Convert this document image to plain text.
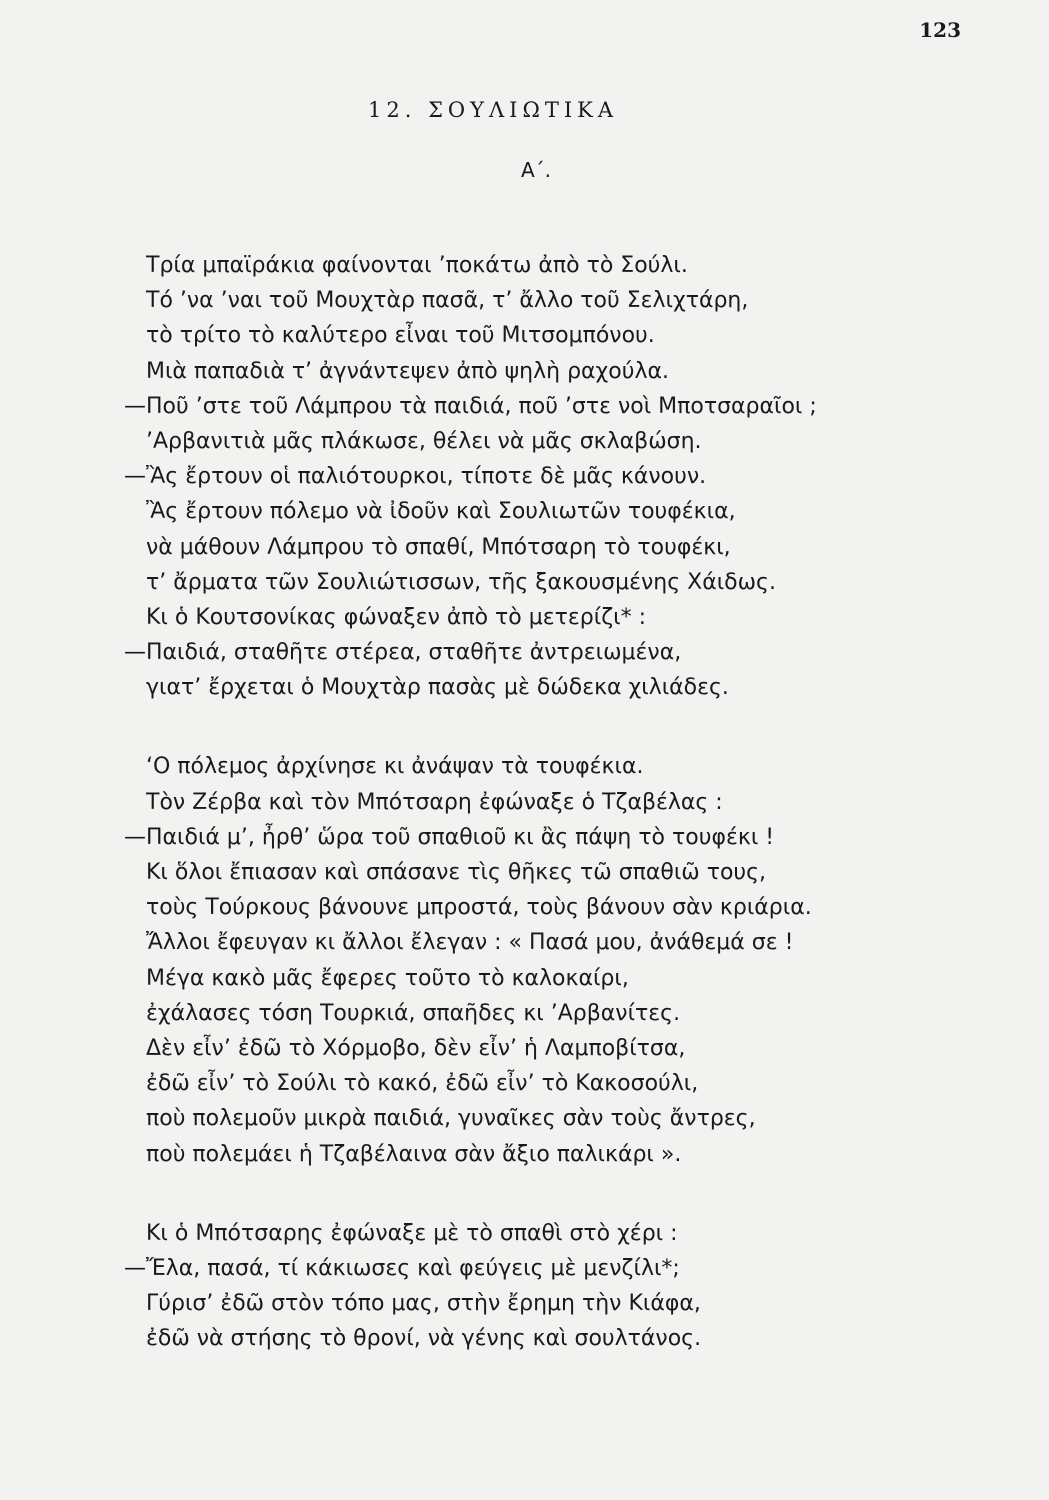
123
12. ΣΟΥΛΙΩΤΙΚΑ
Α΄.
Τρία μπαϊράκια φαίνονται ’ποκάτω ἀπὸ τὸ Σούλι.
Τό ’να ’ναι τοῦ Μουχτὰρ πασᾶ, τ’ ἄλλο τοῦ Σελιχτάρη,
τὸ τρίτο τὸ καλύτερο εἶναι τοῦ Μιτσομπόνου.
Μιὰ παπαδιὰ τ’ ἀγνάντεψεν ἀπὸ ψηλὴ ραχούλα.
—Ποῦ ’στε τοῦ Λάμπρου τὰ παιδιά, ποῦ ’στε νοὶ Μποτσαραῖοι ;
’Αρβανιτιὰ μᾶς πλάκωσε, θέλει νὰ μᾶς σκλαβώση.
—Ἂς ἔρτουν οἱ παλιότουρκοι, τίποτε δὲ μᾶς κάνουν.
Ἂς ἔρτουν πόλεμο νὰ ἰδοῦν καὶ Σουλιωτῶν τουφέκια,
νὰ μάθουν Λάμπρου τὸ σπαθί, Μπότσαρη τὸ τουφέκι,
τ’ ἄρματα τῶν Σουλιώτισσων, τῆς ξακουσμένης Χάιδως.
Κι ὁ Κουτσονίκας φώναξεν ἀπὸ τὸ μετερίζι* :
—Παιδιά, σταθῆτε στέρεα, σταθῆτε ἀντρειωμένα,
γιατ’ ἔρχεται ὁ Μουχτὰρ πασὰς μὲ δώδεκα χιλιάδες.
‘Ο πόλεμος ἀρχίνησε κι ἀνάψαν τὰ τουφέκια.
Τὸν Ζέρβα καὶ τὸν Μπότσαρη ἐφώναξε ὁ Τζαβέλας :
—Παιδιά μ’, ἦρθ’ ὥρα τοῦ σπαθιοῦ κι ἂς πάψη τὸ τουφέκι !
Κι ὅλοι ἔπιασαν καὶ σπάσανε τὶς θῆκες τῶ σπαθιῶ τους,
τοὺς Τούρκους βάνουνε μπροστά, τοὺς βάνουν σὰν κριάρια.
Ἄλλοι ἔφευγαν κι ἄλλοι ἔλεγαν : « Πασά μου, ἀνάθεμά σε !
Μέγα κακὸ μᾶς ἔφερες τοῦτο τὸ καλοκαίρι,
ἐχάλασες τόση Τουρκιά, σπαῆδες κι ’Αρβανίτες.
Δὲν εἶν’ ἐδῶ τὸ Χόρμοβο, δὲν εἶν’ ἡ Λαμποβίτσα,
ἐδῶ εἶν’ τὸ Σούλι τὸ κακό, ἐδῶ εἶν’ τὸ Κακοσούλι,
ποὺ πολεμοῦν μικρὰ παιδιά, γυναῖκες σὰν τοὺς ἄντρες,
ποὺ πολεμάει ἡ Τζαβέλαινα σὰν ἄξιο παλικάρι ».
Κι ὁ Μπότσαρης ἐφώναξε μὲ τὸ σπαθὶ στὸ χέρι :
—Ἔλα, πασά, τί κάκιωσες καὶ φεύγεις μὲ μενζίλι*;
Γύρισ’ ἐδῶ στὸν τόπο μας, στὴν ἔρημη τὴν Κιάφα,
ἐδῶ νὰ στήσης τὸ θρονί, νὰ γένης καὶ σουλτάνος.
